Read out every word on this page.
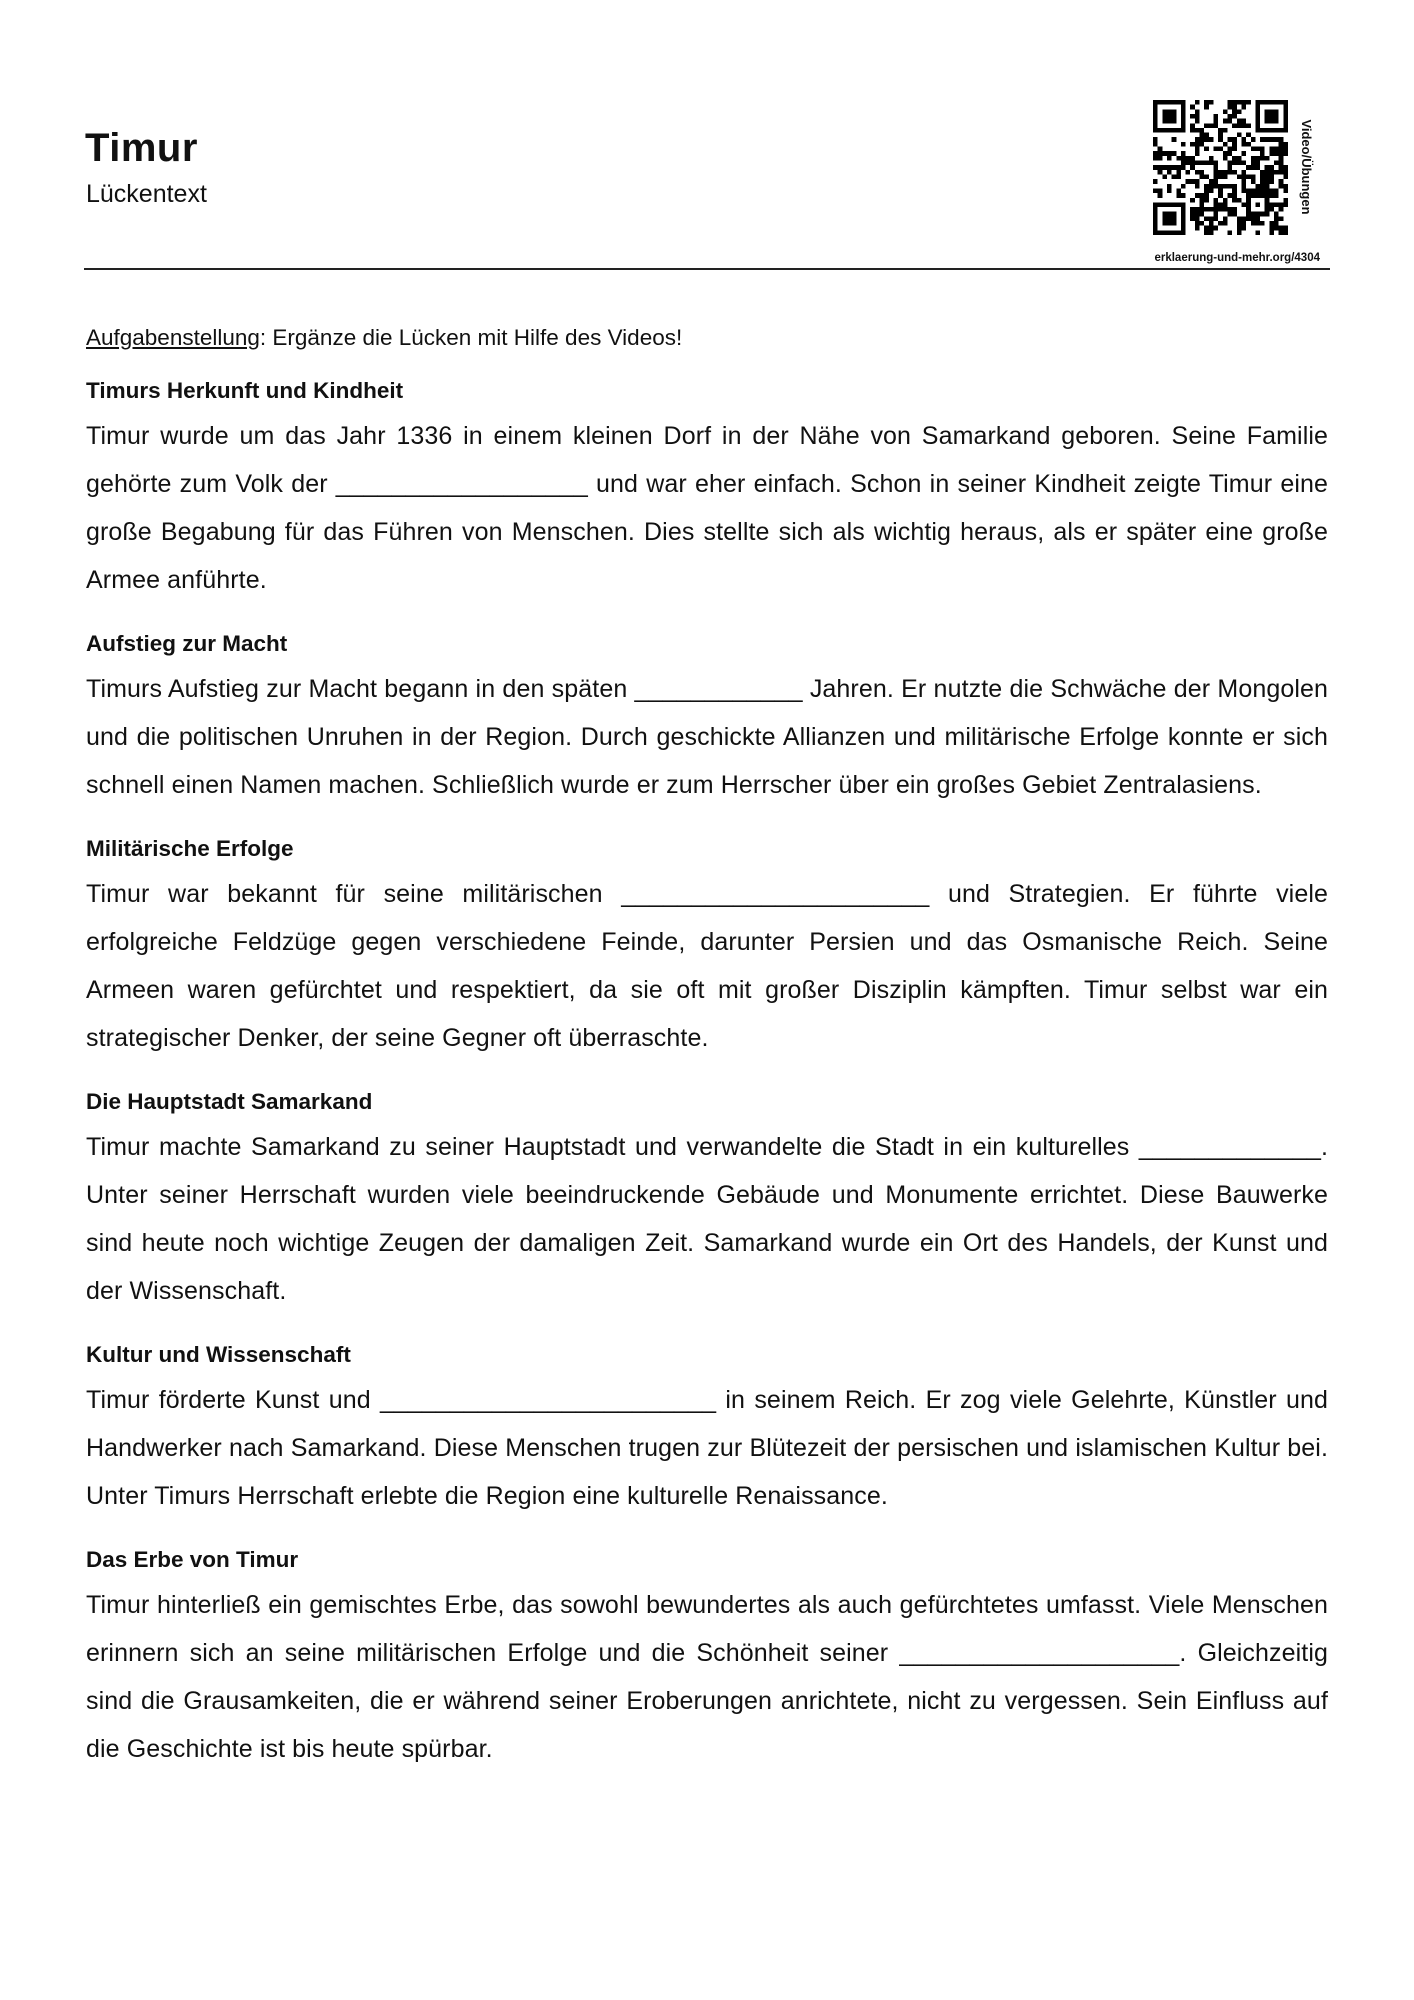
Timur
Lückentext	Video/Übungen
erklaerung-und-mehr.org/4304

Aufgabenstellung: Ergänze die Lücken mit Hilfe des Videos!

Timurs Herkunft und Kindheit

Timur wurde um das Jahr 1336 in einem kleinen Dorf in der Nähe von Samarkand geboren. Seine Familie gehörte zum Volk der __________________ und war eher einfach. Schon in seiner Kindheit zeigte Timur eine große Begabung für das Führen von Menschen. Dies stellte sich als wichtig heraus, als er später eine große Armee anführte.

Aufstieg zur Macht

Timurs Aufstieg zur Macht begann in den späten ____________ Jahren. Er nutzte die Schwäche der Mongolen und die politischen Unruhen in der Region. Durch geschickte Allianzen und militärische Erfolge konnte er sich schnell einen Namen machen. Schließlich wurde er zum Herrscher über ein großes Gebiet Zentralasiens.

Militärische Erfolge

Timur war bekannt für seine militärischen ______________________ und Strategien. Er führte viele erfolgreiche Feldzüge gegen verschiedene Feinde, darunter Persien und das Osmanische Reich. Seine Armeen waren gefürchtet und respektiert, da sie oft mit großer Disziplin kämpften. Timur selbst war ein strategischer Denker, der seine Gegner oft überraschte.

Die Hauptstadt Samarkand

Timur machte Samarkand zu seiner Hauptstadt und verwandelte die Stadt in ein kulturelles _____________. Unter seiner Herrschaft wurden viele beeindruckende Gebäude und Monumente errichtet. Diese Bauwerke sind heute noch wichtige Zeugen der damaligen Zeit. Samarkand wurde ein Ort des Handels, der Kunst und der Wissenschaft.

Kultur und Wissenschaft

Timur förderte Kunst und ________________________ in seinem Reich. Er zog viele Gelehrte, Künstler und Handwerker nach Samarkand. Diese Menschen trugen zur Blütezeit der persischen und islamischen Kultur bei. Unter Timurs Herrschaft erlebte die Region eine kulturelle Renaissance.

Das Erbe von Timur

Timur hinterließ ein gemischtes Erbe, das sowohl bewundertes als auch gefürchtetes umfasst. Viele Menschen erinnern sich an seine militärischen Erfolge und die Schönheit seiner ____________________. Gleichzeitig sind die Grausamkeiten, die er während seiner Eroberungen anrichtete, nicht zu vergessen. Sein Einfluss auf die Geschichte ist bis heute spürbar.
